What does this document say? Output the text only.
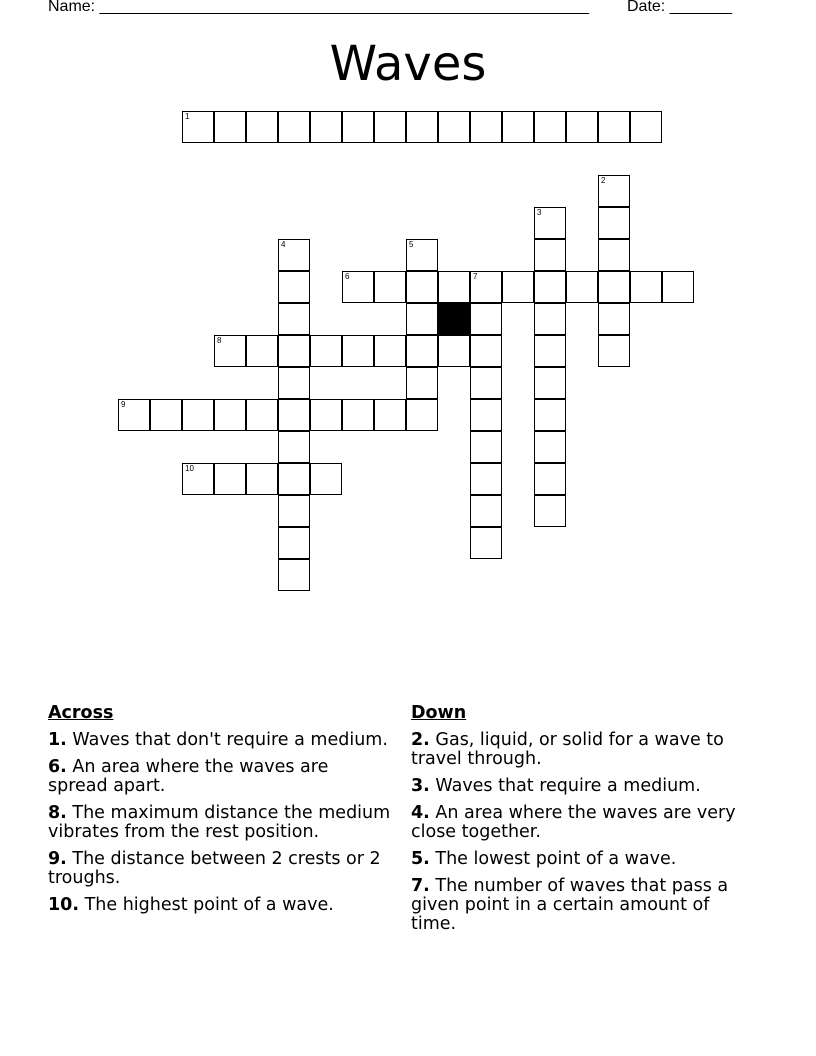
Name: _______________________________________________________ Date: _______
Waves
1
2
3
4	5
6	7
8
9
10
Across
1. Waves that don't require a medium.
6. An area where the waves are spread apart.
8. The maximum distance the medium vibrates from the rest position.
9. The distance between 2 crests or 2 troughs.
10. The highest point of a wave.
Down
2. Gas, liquid, or solid for a wave to travel through.
3. Waves that require a medium.
4. An area where the waves are very close together.
5. The lowest point of a wave.
7. The number of waves that pass a given point in a certain amount of time.
